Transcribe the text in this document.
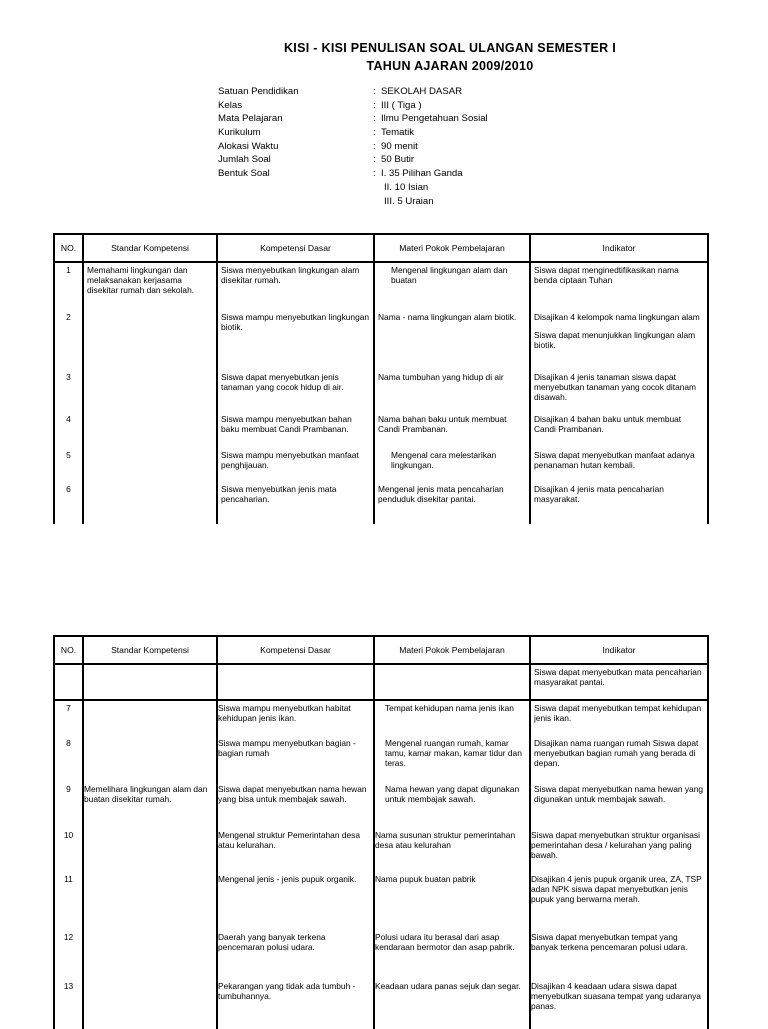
KISI - KISI PENULISAN SOAL ULANGAN SEMESTER I
TAHUN AJARAN 2009/2010
Satuan Pendidikan	: SEKOLAH DASAR
Kelas	: III ( Tiga )
Mata Pelajaran	: Ilmu Pengetahuan Sosial
Kurikulum	: Tematik
Alokasi Waktu	: 90 menit
Jumlah Soal	: 50 Butir
Bentuk Soal	: I. 35 Pilihan Ganda
II. 10 Isian
III. 5 Uraian
NO.	Standar Kompetensi	Kompetensi Dasar	Materi Pokok Pembelajaran	Indikator
1	Memahami lingkungan dan melaksanakan kerjasama disekitar rumah dan sekolah.	Siswa menyebutkan lingkungan alam disekitar rumah.	Mengenal lingkungan alam dan buatan	Siswa dapat menginedtifikasikan nama benda ciptaan Tuhan
2		Siswa mampu menyebutkan lingkungan biotik.	Nama - nama lingkungan alam biotik.	Disajikan 4 kelompok nama lingkungan alam
Siswa dapat menunjukkan lingkungan alam biotik.

3		Siswa dapat menyebutkan jenis tanaman yang cocok hidup di air.	Nama tumbuhan yang hidup di air	Disajikan 4 jenis tanaman siswa dapat menyebutkan tanaman yang cocok ditanam disawah.
4		Siswa mampu menyebutkan bahan baku membuat Candi Prambanan.	Nama bahan baku untuk membuat Candi Prambanan.	Disajikan 4 bahan baku untuk membuat Candi Prambanan.
5		Siswa mampu menyebutkan manfaat penghijauan.	Mengenal cara melestarikan lingkungan.	Siswa dapat menyebutkan manfaat adanya penanaman hutan kembali.
6		Siswa menyebutkan jenis mata pencaharian.	Mengenal jenis mata pencaharian penduduk disekitar pantai.	Disajikan 4 jenis mata pencaharian masyarakat.
NO.	Standar Kompetensi	Kompetensi Dasar	Materi Pokok Pembelajaran	Indikator
				Siswa dapat menyebutkan mata pencaharian masyarakat pantai.
7		Siswa mampu menyebutkan habitat kehidupan jenis ikan.	Tempat kehidupan nama jenis ikan	Siswa dapat menyebutkan tempat kehidupan jenis ikan.
8		Siswa mampu menyebutkan bagian - bagian rumah	Mengenal ruangan rumah, kamar tamu, kamar makan, kamar tidur dan teras.	Disajikan nama ruangan rumah Siswa dapat menyebutkan bagian rumah yang berada di depan.
9	Memelihara lingkungan alam dan buatan disekitar rumah.	Siswa dapat menyebutkan nama hewan yang bisa untuk membajak sawah.	Nama hewan yang dapat digunakan untuk membajak sawah.	Siswa dapat menyebutkan nama hewan yang digunakan untuk membajak sawah.
10		Mengenal struktur Pemerintahan desa atau kelurahan.	Nama susunan struktur pemerintahan desa atau kelurahan	Siswa dapat menyebutkan struktur organisasi pemerintahan desa / kelurahan yang paling bawah.
11		Mengenal jenis - jenis pupuk organik.	Nama pupuk buatan pabrik	Disajikan 4 jenis pupuk organik urea, ZA, TSP adan NPK siswa dapat menyebutkan jenis pupuk yang berwarna merah.
12		Daerah yang banyak terkena pencemaran polusi udara.	Polusi udara itu berasal dari asap kendaraan bermotor dan asap pabrik.	Siswa dapat menyebutkan tempat yang banyak terkena pencemaran polusi udara.
13		Pekarangan yang tidak ada tumbuh - tumbuhannya.	Keadaan udara panas sejuk dan segar.	Disajikan 4 keadaan udara siswa dapat menyebutkan suasana tempat yang udaranya panas.
